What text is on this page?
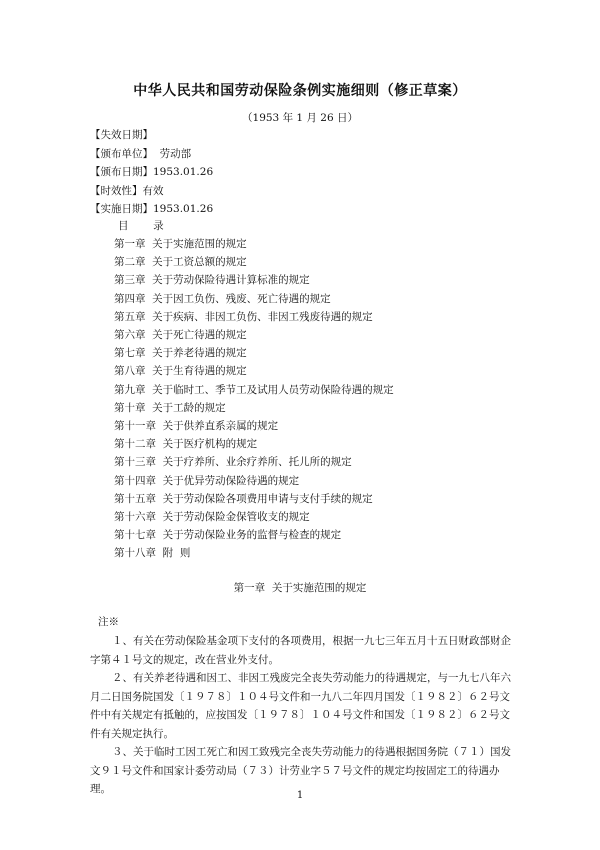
中华人民共和国劳动保险条例实施细则（修正草案）
（1953 年 1 月 26 日）
【失效日期】
【颁布单位】  劳动部
【颁布日期】1953.01.26
【时效性】有效
【实施日期】1953.01.26
目  录
第一章  关于实施范围的规定
第二章  关于工资总额的规定
第三章  关于劳动保险待遇计算标准的规定
第四章  关于因工负伤、残废、死亡待遇的规定
第五章  关于疾病、非因工负伤、非因工残废待遇的规定
第六章  关于死亡待遇的规定
第七章  关于养老待遇的规定
第八章  关于生育待遇的规定
第九章  关于临时工、季节工及试用人员劳动保险待遇的规定
第十章  关于工龄的规定
第十一章  关于供养直系亲属的规定
第十二章  关于医疗机构的规定
第十三章  关于疗养所、业余疗养所、托儿所的规定
第十四章  关于优异劳动保险待遇的规定
第十五章  关于劳动保险各项费用申请与支付手续的规定
第十六章  关于劳动保险金保管收支的规定
第十七章  关于劳动保险业务的监督与检查的规定
第十八章  附  则
第一章  关于实施范围的规定
注※

１、有关在劳动保险基金项下支付的各项费用，根据一九七三年五月十五日财政部财企字第４１号文的规定，改在营业外支付。

２、有关养老待遇和因工、非因工残废完全丧失劳动能力的待遇规定，与一九七八年六月二日国务院国发〔１９７８〕１０４号文件和一九八二年四月国发〔１９８２〕６２号文件中有关规定有抵触的，应按国发〔１９７８〕１０４号文件和国发〔１９８２〕６２号文件有关规定执行。

３、关于临时工因工死亡和因工致残完全丧失劳动能力的待遇根据国务院（７１）国发文９１号文件和国家计委劳动局（７３）计劳业字５７号文件的规定均按固定工的待遇办理。

1
